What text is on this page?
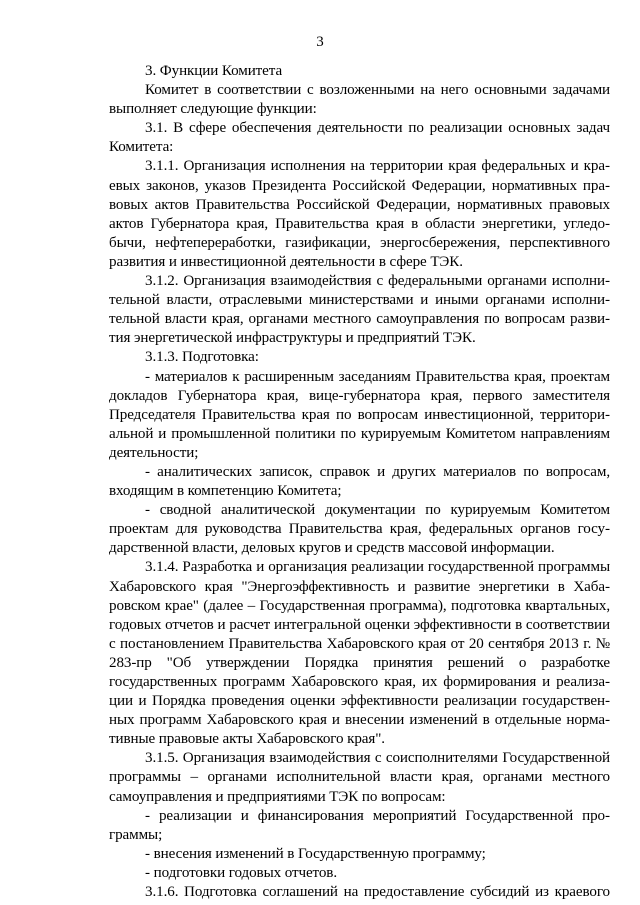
3

3. Функции Комитета

Комитет в соответствии с возложенными на него основными задачами выполняет следующие функции:

3.1. В сфере обеспечения деятельности по реализации основных задач Комитета:

3.1.1. Организация исполнения на территории края федеральных и краевых законов, указов Президента Российской Федерации, нормативных правовых актов Правительства Российской Федерации, нормативных правовых актов Губернатора края, Правительства края в области энергетики, угледобычи, нефтепереработки, газификации, энергосбережения, перспективного развития и инвестиционной деятельности в сфере ТЭК.

3.1.2. Организация взаимодействия с федеральными органами исполнительной власти, отраслевыми министерствами и иными органами исполнительной власти края, органами местного самоуправления по вопросам развития энергетической инфраструктуры и предприятий ТЭК.

3.1.3. Подготовка:

- материалов к расширенным заседаниям Правительства края, проектам докладов Губернатора края, вице-губернатора края, первого заместителя Председателя Правительства края по вопросам инвестиционной, территориальной и промышленной политики по курируемым Комитетом направлениям деятельности;

- аналитических записок, справок и других материалов по вопросам, входящим в компетенцию Комитета;

- сводной аналитической документации по курируемым Комитетом проектам для руководства Правительства края, федеральных органов государственной власти, деловых кругов и средств массовой информации.

3.1.4. Разработка и организация реализации государственной программы Хабаровского края "Энергоэффективность и развитие энергетики в Хабаровском крае" (далее – Государственная программа), подготовка квартальных, годовых отчетов и расчет интегральной оценки эффективности в соответствии с постановлением Правительства Хабаровского края от 20 сентября 2013 г. № 283-пр "Об утверждении Порядка принятия решений о разработке государственных программ Хабаровского края, их формирования и реализации и Порядка проведения оценки эффективности реализации государственных программ Хабаровского края и внесении изменений в отдельные нормативные правовые акты Хабаровского края".

3.1.5. Организация взаимодействия с соисполнителями Государственной программы – органами исполнительной власти края, органами местного самоуправления и предприятиями ТЭК по вопросам:

- реализации и финансирования мероприятий Государственной программы;

- внесения изменений в Государственную программу;

- подготовки годовых отчетов.

3.1.6. Подготовка соглашений на предоставление субсидий из краевого
